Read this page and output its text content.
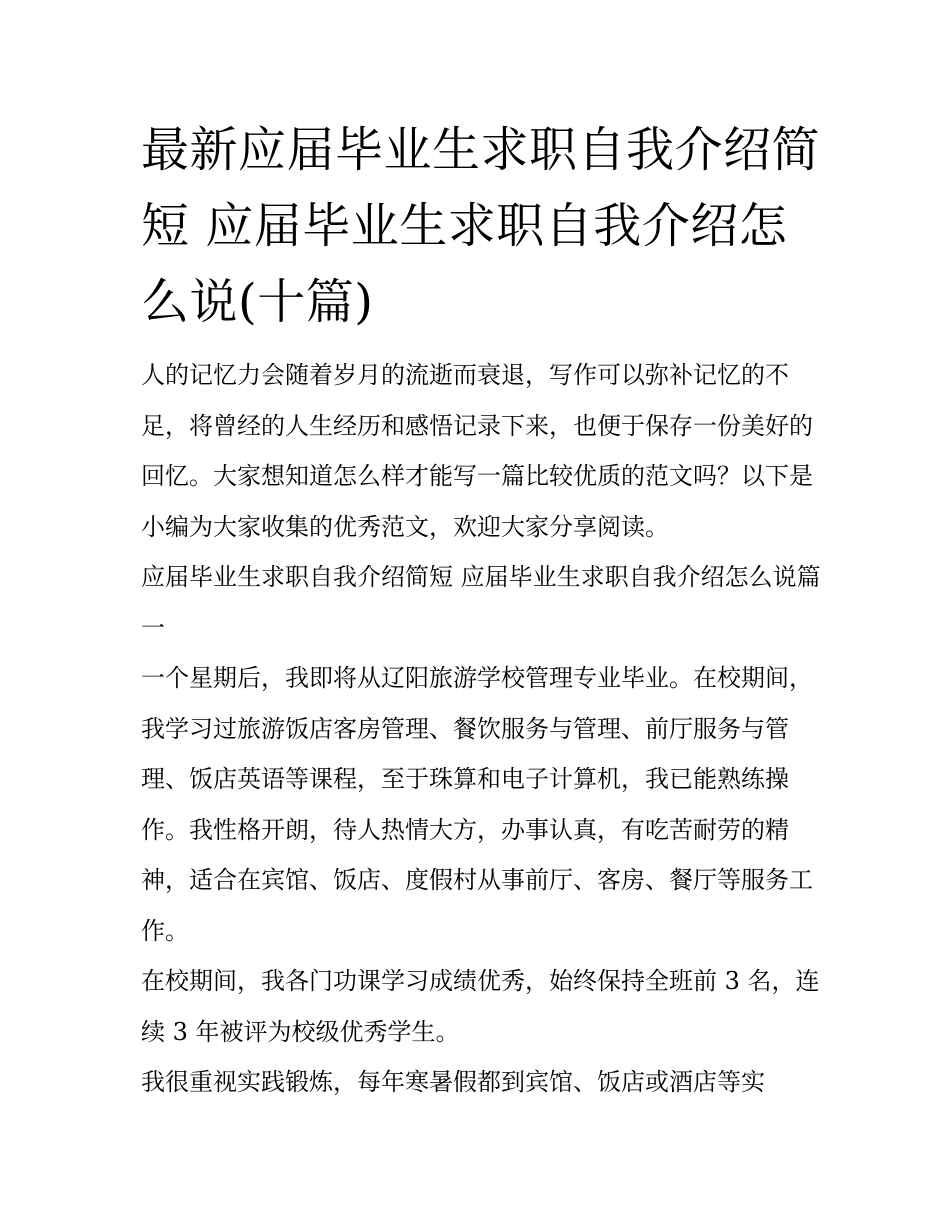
最新应届毕业生求职自我介绍简短 应届毕业生求职自我介绍怎么说(十篇)

人的记忆力会随着岁月的流逝而衰退，写作可以弥补记忆的不足，将曾经的人生经历和感悟记录下来，也便于保存一份美好的回忆。大家想知道怎么样才能写一篇比较优质的范文吗？以下是小编为大家收集的优秀范文，欢迎大家分享阅读。

应届毕业生求职自我介绍简短 应届毕业生求职自我介绍怎么说篇一

一个星期后，我即将从辽阳旅游学校管理专业毕业。在校期间，我学习过旅游饭店客房管理、餐饮服务与管理、前厅服务与管理、饭店英语等课程，至于珠算和电子计算机，我已能熟练操作。我性格开朗，待人热情大方，办事认真，有吃苦耐劳的精神，适合在宾馆、饭店、度假村从事前厅、客房、餐厅等服务工作。

在校期间，我各门功课学习成绩优秀，始终保持全班前 3 名，连续 3 年被评为校级优秀学生。

我很重视实践锻炼，每年寒暑假都到宾馆、饭店或酒店等实
